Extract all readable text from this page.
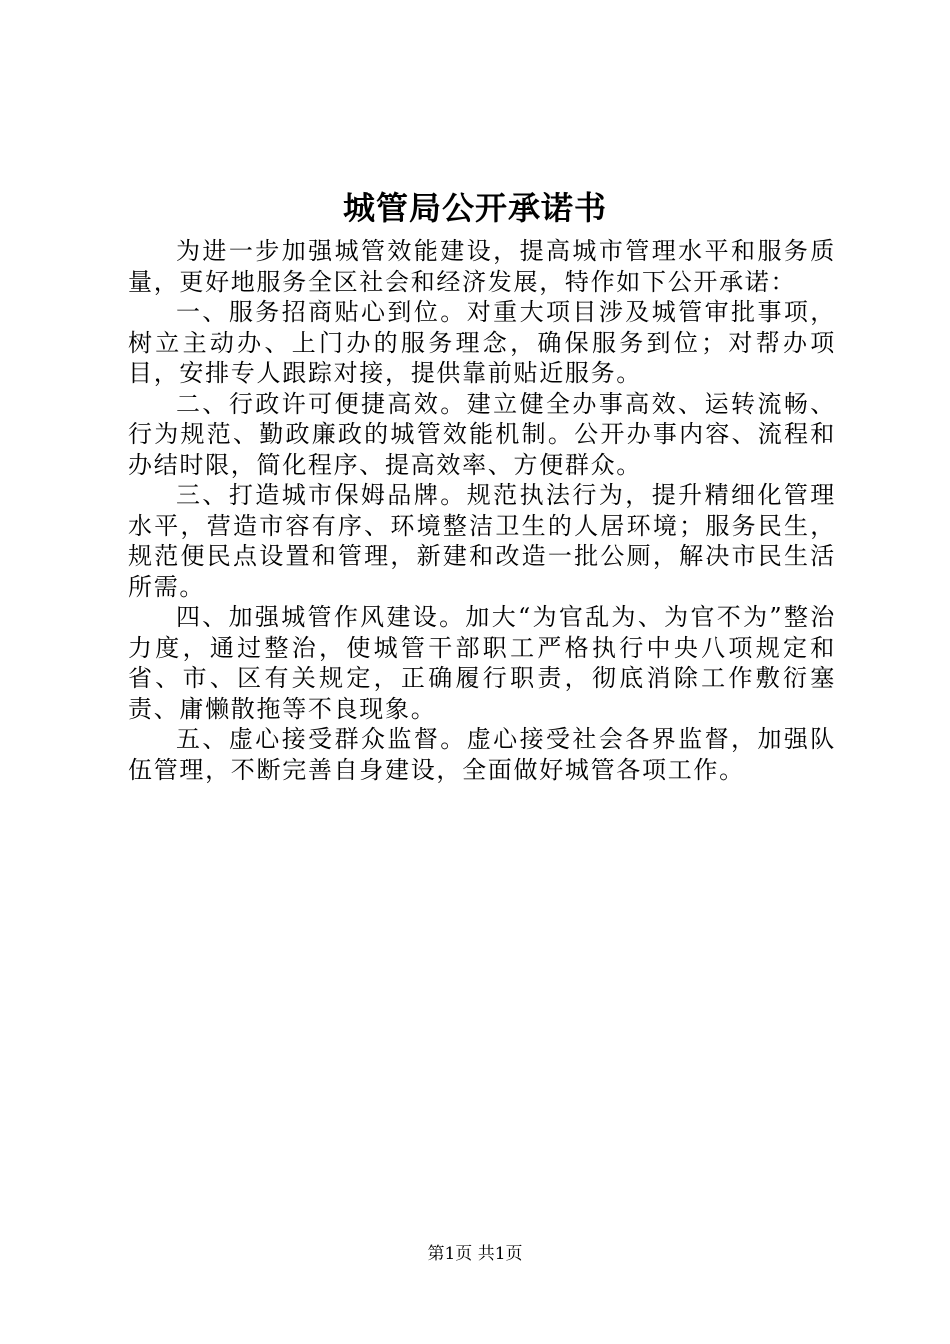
城管局公开承诺书

为进一步加强城管效能建设，提高城市管理水平和服务质量，更好地服务全区社会和经济发展，特作如下公开承诺：

一、服务招商贴心到位。对重大项目涉及城管审批事项，树立主动办、上门办的服务理念，确保服务到位；对帮办项目，安排专人跟踪对接，提供靠前贴近服务。

二、行政许可便捷高效。建立健全办事高效、运转流畅、行为规范、勤政廉政的城管效能机制。公开办事内容、流程和办结时限，简化程序、提高效率、方便群众。

三、打造城市保姆品牌。规范执法行为，提升精细化管理水平，营造市容有序、环境整洁卫生的人居环境；服务民生，规范便民点设置和管理，新建和改造一批公厕，解决市民生活所需。

四、加强城管作风建设。加大“为官乱为、为官不为”整治力度，通过整治，使城管干部职工严格执行中央八项规定和省、市、区有关规定，正确履行职责，彻底消除工作敷衍塞责、庸懒散拖等不良现象。

五、虚心接受群众监督。虚心接受社会各界监督，加强队伍管理，不断完善自身建设，全面做好城管各项工作。

第1页 共1页
